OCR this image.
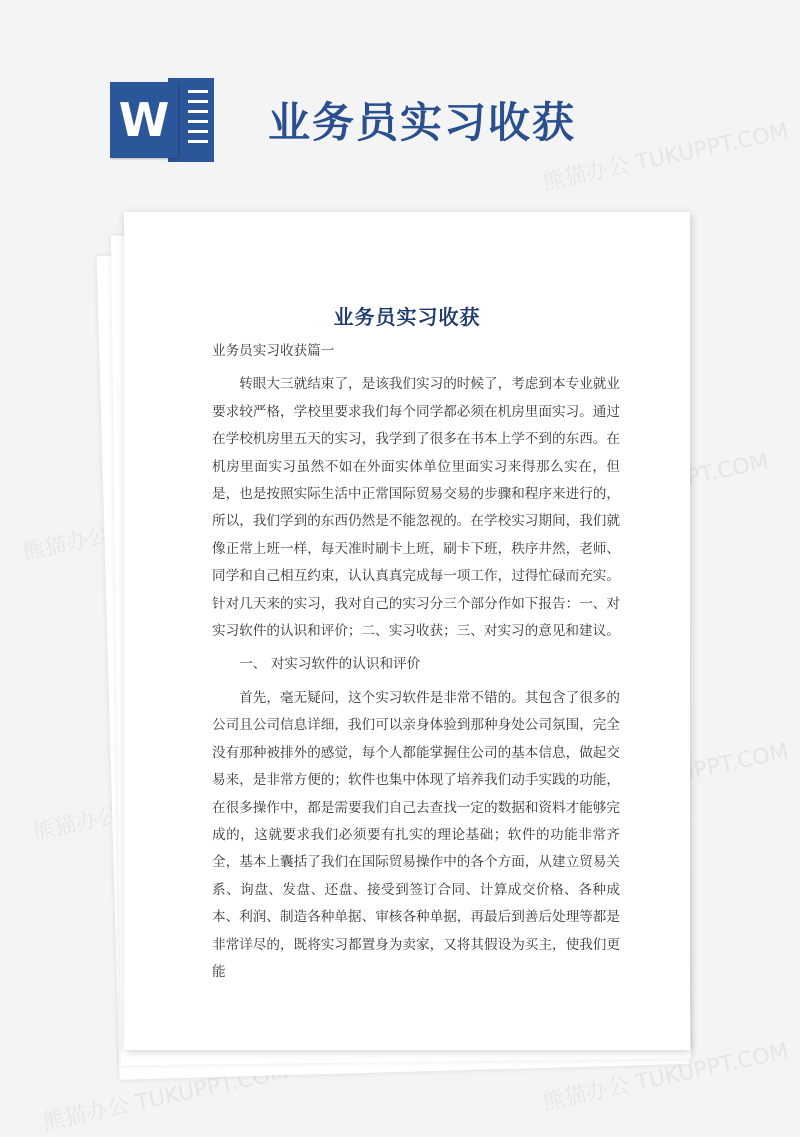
W 业务员实习收获
熊猫办公 TUKUPPT.COM
熊猫办公
TUKUPPT.COM
熊猫办公
TUKUPPT.COM
熊猫办公 TUKUPPT.COM	熊猫办公 TUKUPPT.COM
业务员实习收获

业务员实习收获篇一

转眼大三就结束了，是该我们实习的时候了，考虑到本专业就业要求较严格，学校里要求我们每个同学都必须在机房里面实习。通过在学校机房里五天的实习，我学到了很多在书本上学不到的东西。在机房里面实习虽然不如在外面实体单位里面实习来得那么实在，但是，也是按照实际生活中正常国际贸易交易的步骤和程序来进行的，所以，我们学到的东西仍然是不能忽视的。在学校实习期间，我们就像正常上班一样，每天准时刷卡上班，刷卡下班，秩序井然，老师、同学和自己相互约束，认认真真完成每一项工作，过得忙碌而充实。针对几天来的实习，我对自己的实习分三个部分作如下报告：一、对实习软件的认识和评价；二、实习收获；三、对实习的意见和建议。

一、 对实习软件的认识和评价

首先，毫无疑问，这个实习软件是非常不错的。其包含了很多的公司且公司信息详细，我们可以亲身体验到那种身处公司氛围，完全没有那种被排外的感觉，每个人都能掌握住公司的基本信息，做起交易来，是非常方便的；软件也集中体现了培养我们动手实践的功能，在很多操作中，都是需要我们自己去查找一定的数据和资料才能够完成的，这就要求我们必须要有扎实的理论基础；软件的功能非常齐全，基本上囊括了我们在国际贸易操作中的各个方面，从建立贸易关系、询盘、发盘、还盘、接受到签订合同、计算成交价格、各种成本、利润、制造各种单据、审核各种单据，再最后到善后处理等都是非常详尽的，既将实习都置身为卖家，又将其假设为买主，使我们更能
